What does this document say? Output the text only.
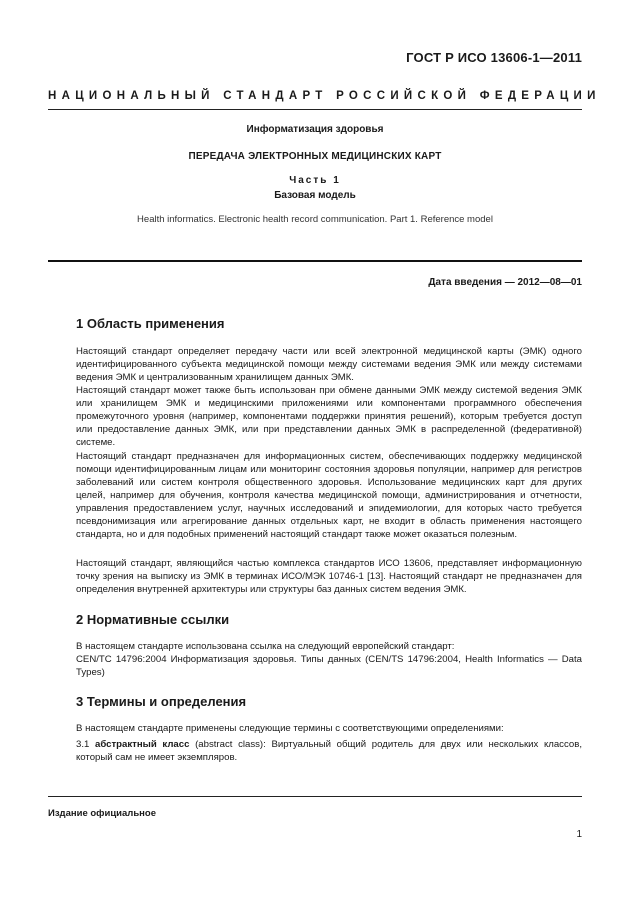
ГОСТ Р ИСО 13606-1—2011
НАЦИОНАЛЬНЫЙ СТАНДАРТ РОССИЙСКОЙ ФЕДЕРАЦИИ
Информатизация здоровья
ПЕРЕДАЧА ЭЛЕКТРОННЫХ МЕДИЦИНСКИХ КАРТ
Часть 1
Базовая модель
Health informatics. Electronic health record communication. Part 1. Reference model
Дата введения — 2012—08—01
1 Область применения

Настоящий стандарт определяет передачу части или всей электронной медицинской карты (ЭМК) одного идентифицированного субъекта медицинской помощи между системами ведения ЭМК или между системами ведения ЭМК и централизованным хранилищем данных ЭМК.

Настоящий стандарт может также быть использован при обмене данными ЭМК между системой ведения ЭМК или хранилищем ЭМК и медицинскими приложениями или компонентами программного обеспечения промежуточного уровня (например, компонентами поддержки принятия решений), которым требуется доступ или предоставление данных ЭМК, или при представлении данных ЭМК в распределенной (федеративной) системе.

Настоящий стандарт предназначен для информационных систем, обеспечивающих поддержку медицинской помощи идентифицированным лицам или мониторинг состояния здоровья популяции, например для регистров заболеваний или систем контроля общественного здоровья. Использование медицинских карт для других целей, например для обучения, контроля качества медицинской помощи, администрирования и отчетности, управления предоставлением услуг, научных исследований и эпидемиологии, для которых часто требуется псевдонимизация или агрегирование данных отдельных карт, не входит в область применения настоящего стандарта, но и для подобных применений настоящий стандарт также может оказаться полезным.

Настоящий стандарт, являющийся частью комплекса стандартов ИСО 13606, представляет информационную точку зрения на выписку из ЭМК в терминах ИСО/МЭК 10746-1 [13]. Настоящий стандарт не предназначен для определения внутренней архитектуры или структуры баз данных систем ведения ЭМК.

2 Нормативные ссылки

В настоящем стандарте использована ссылка на следующий европейский стандарт:

CEN/TC 14796:2004 Информатизация здоровья. Типы данных (CEN/TS 14796:2004, Health Informatics — Data Types)

3 Термины и определения

В настоящем стандарте применены следующие термины с соответствующими определениями:

3.1 абстрактный класс (abstract class): Виртуальный общий родитель для двух или нескольких классов, который сам не имеет экземпляров.

Издание официальное
1
